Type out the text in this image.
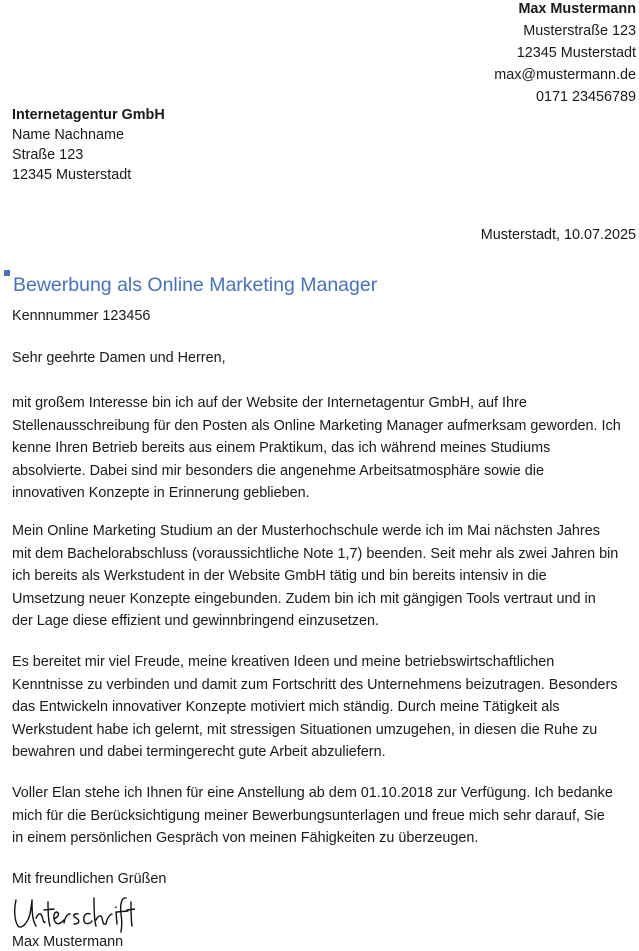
Max Mustermann
Musterstraße 123
12345 Musterstadt
max@mustermann.de
0171 23456789
Internetagentur GmbH
Name Nachname
Straße 123
12345 Musterstadt
Musterstadt, 10.07.2025
Bewerbung als Online Marketing Manager
Kennnummer 123456
Sehr geehrte Damen und Herren,
mit großem Interesse bin ich auf der Website der Internetagentur GmbH, auf Ihre
Stellenausschreibung für den Posten als Online Marketing Manager aufmerksam geworden. Ich
kenne Ihren Betrieb bereits aus einem Praktikum, das ich während meines Studiums
absolvierte. Dabei sind mir besonders die angenehme Arbeitsatmosphäre sowie die
innovativen Konzepte in Erinnerung geblieben.
Mein Online Marketing Studium an der Musterhochschule werde ich im Mai nächsten Jahres
mit dem Bachelorabschluss (voraussichtliche Note 1,7) beenden. Seit mehr als zwei Jahren bin
ich bereits als Werkstudent in der Website GmbH tätig und bin bereits intensiv in die
Umsetzung neuer Konzepte eingebunden. Zudem bin ich mit gängigen Tools vertraut und in
der Lage diese effizient und gewinnbringend einzusetzen.
Es bereitet mir viel Freude, meine kreativen Ideen und meine betriebswirtschaftlichen
Kenntnisse zu verbinden und damit zum Fortschritt des Unternehmens beizutragen. Besonders
das Entwickeln innovativer Konzepte motiviert mich ständig. Durch meine Tätigkeit als
Werkstudent habe ich gelernt, mit stressigen Situationen umzugehen, in diesen die Ruhe zu
bewahren und dabei termingerecht gute Arbeit abzuliefern.
Voller Elan stehe ich Ihnen für eine Anstellung ab dem 01.10.2018 zur Verfügung. Ich bedanke
mich für die Berücksichtigung meiner Bewerbungsunterlagen und freue mich sehr darauf, Sie
in einem persönlichen Gespräch von meinen Fähigkeiten zu überzeugen.
Mit freundlichen Grüßen
Max Mustermann
